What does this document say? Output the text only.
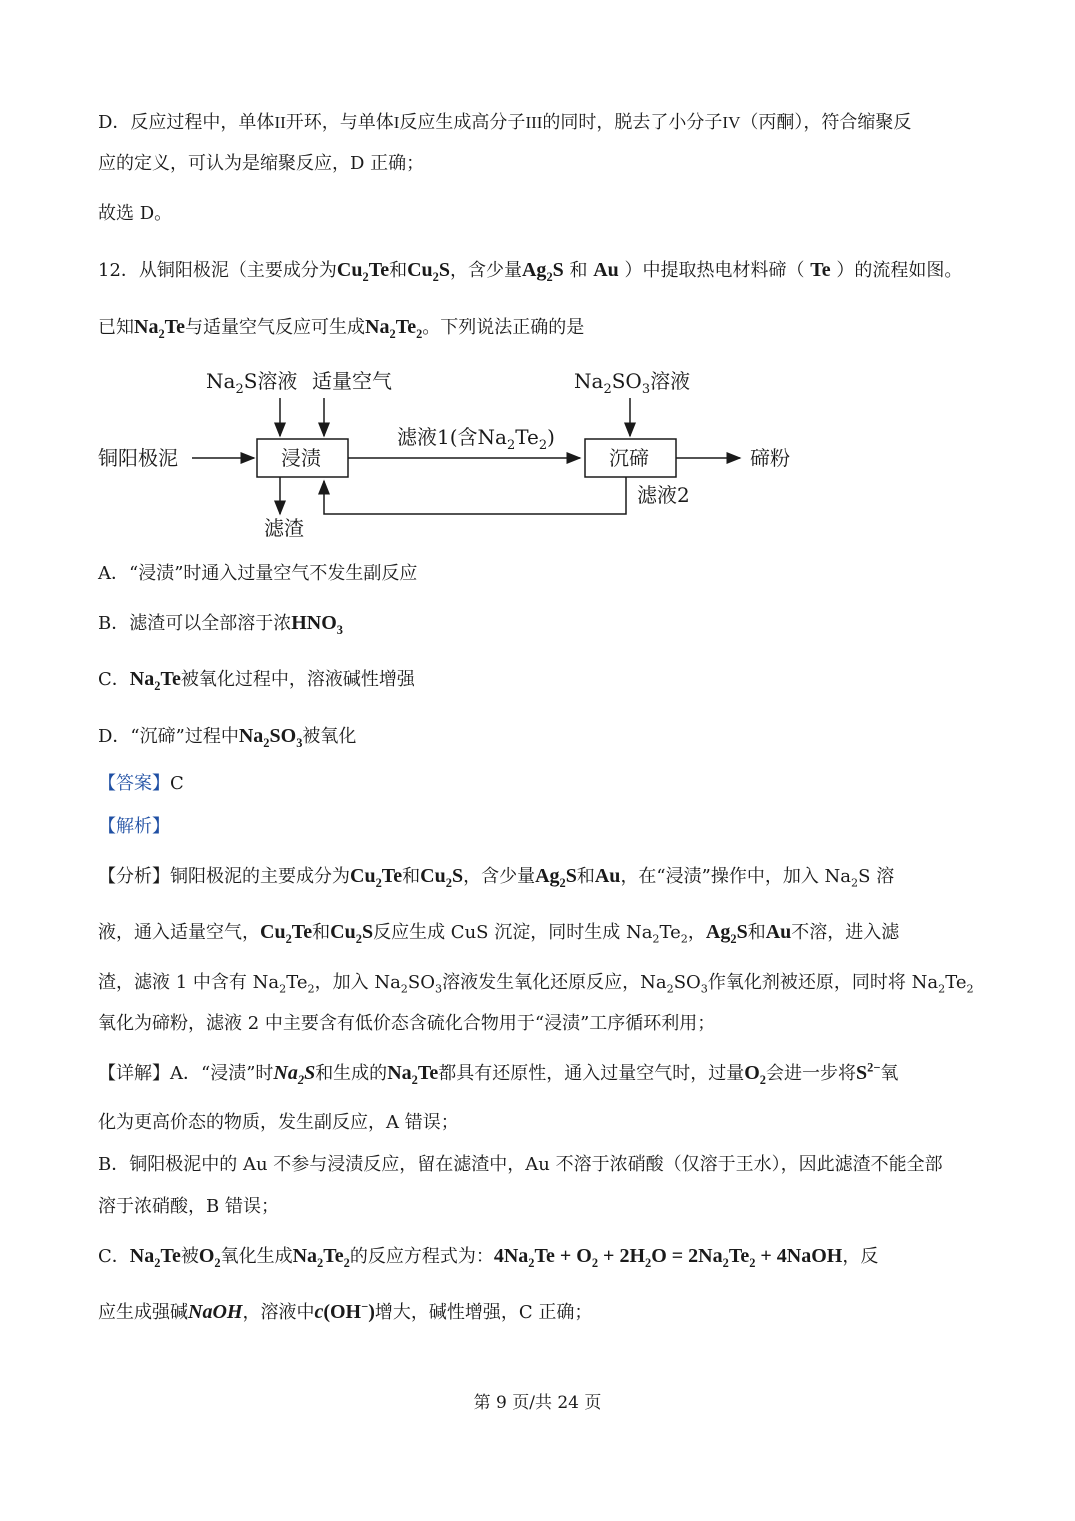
D．反应过程中，单体II开环，与单体I反应生成高分子III的同时，脱去了小分子IV（丙酮），符合缩聚反
应的定义，可认为是缩聚反应，D 正确；
故选 D。
12．从铜阳极泥（主要成分为$Cu_2Te$和$Cu_2S$，含少量$Ag_2S$ 和 Au ）中提取热电材料碲（ Te ）的流程如图。
已知$Na_2Te$与适量空气反应可生成$Na_2Te_2$。下列说法正确的是
铜阳极泥	浸渍
$Na_2S$溶液 适量空气
滤渣
滤液1(含$Na_2Te_2$)
沉碲
$Na_2SO_3$溶液
碲粉
滤液2
A．“浸渍”时通入过量空气不发生副反应
B．滤渣可以全部溶于浓$HNO_3$
C．$Na_2Te$被氧化过程中，溶液碱性增强
D．“沉碲”过程中$Na_2SO_3$被氧化
【答案】C
【解析】
【分析】铜阳极泥的主要成分为$Cu_2Te$和$Cu_2S$，含少量$Ag_2S$和Au，在“浸渍”操作中，加入 $Na_2S$ 溶
液，通入适量空气，$Cu_2Te$和$Cu_2S$反应生成 CuS 沉淀，同时生成 $Na_2Te_2$，$Ag_2S$和Au不溶，进入滤
渣，滤液 1 中含有 $Na_2Te_2$，加入 $Na_2SO_3$溶液发生氧化还原反应，$Na_2SO_3$作氧化剂被还原，同时将 $Na_2Te_2$
氧化为碲粉，滤液 2 中主要含有低价态含硫化合物用于“浸渍”工序循环利用；
【详解】A．“浸渍”时$Na_2S$和生成的$Na_2Te$都具有还原性，通入过量空气时，过量$O_2$会进一步将$S^{2-}$氧
化为更高价态的物质，发生副反应，A 错误；
B．铜阳极泥中的 Au 不参与浸渍反应，留在滤渣中，Au 不溶于浓硝酸（仅溶于王水），因此滤渣不能全部
溶于浓硝酸，B 错误；
C．$Na_2Te$被$O_2$氧化生成$Na_2Te_2$的反应方程式为：$4Na_2Te + O_2 + 2H_2O = 2Na_2Te_2$ + 4NaOH，反
应生成强碱NaOH，溶液中c(OH−)增大，碱性增强，C 正确；
第 9 页/共 24 页
